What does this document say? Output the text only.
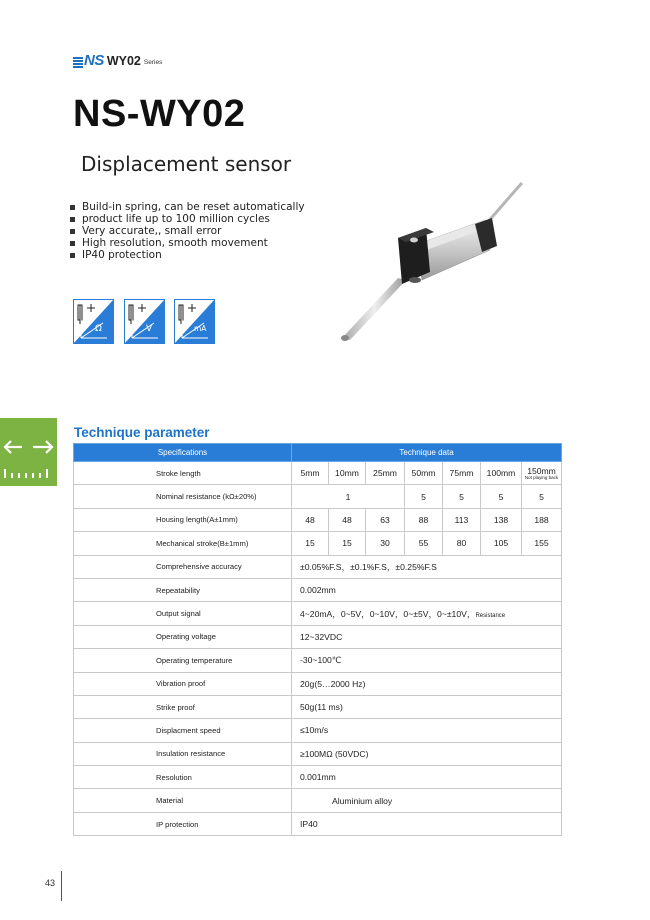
NS WY02 Series
NS-WY02
Displacement sensor
Build-in spring, can be reset automatically
product life up to 100 million cycles
Very accurate,, small error
High resolution, smooth movement
IP40 protection
Ω	V	mA
Technique parameter
Specifications	Technique data						
Stroke length	5mm	10mm	25mm	50mm	75mm	100mm	150mm
Not playing back

Nominal resistance (kΩ±20%)	1			5	5	5	5
Housing length(A±1mm)	48	48	63	88	113	138	188
Mechanical stroke(B±1mm)	15	15	30	55	80	105	155
Comprehensive accuracy	±0.05%F.S，±0.1%F.S，±0.25%F.S						
Repeatability	0.002mm						
Output signal	4~20mA，0~5V，0~10V，0~±5V，0~±10V，Resistance						
Operating voltage	12~32VDC						
Operating temperature	-30~100℃						
Vibration proof	20g(5…2000 Hz)						
Strike proof	50g(11 ms)						
Displacment speed	≤10m/s						
Insulation resistance	≥100MΩ (50VDC)						
Resolution	0.001mm						
Material	Aluminium alloy						
IP protection	IP40						
43
